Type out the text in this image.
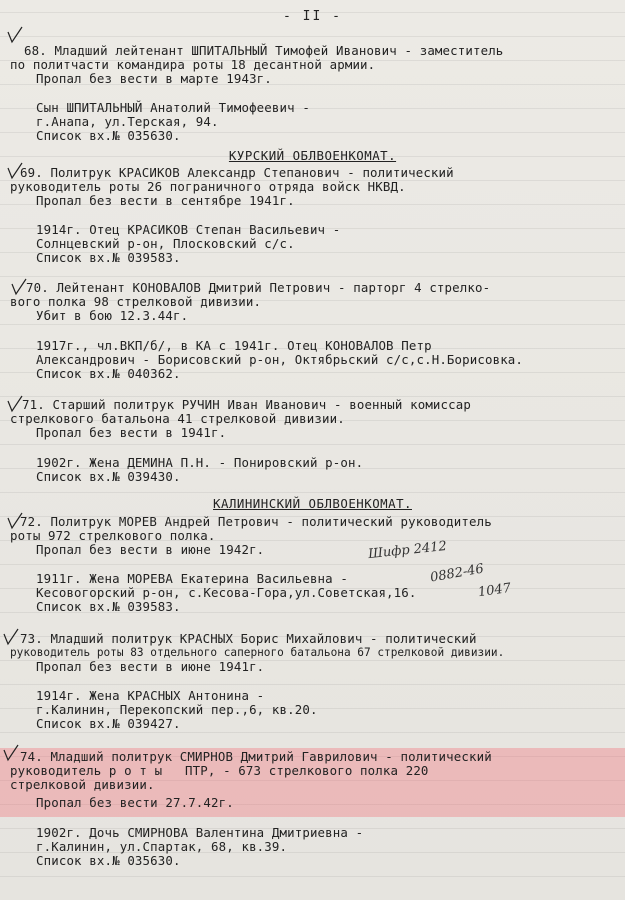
- II -
68. Младший лейтенант ШПИТАЛЬНЫЙ Тимофей Иванович - заместитель
по политчасти командира роты 18 десантной армии.
Пропал без вести в марте 1943г.
Сын ШПИТАЛЬНЫЙ Анатолий Тимофеевич -
г.Анапа, ул.Терская, 94.
Список вх.№ 035630.
КУРСКИЙ ОБЛВОЕНКОМАТ.
69. Политрук КРАСИКОВ Александр Степанович - политический
руководитель роты 26 пограничного отряда войск НКВД.
Пропал без вести в сентябре 1941г.
1914г. Отец КРАСИКОВ Степан Васильевич -
Солнцевский р-он, Плосковский с/с.
Список вх.№ 039583.
70. Лейтенант КОНОВАЛОВ Дмитрий Петрович - парторг 4 стрелко-
вого полка 98 стрелковой дивизии.
Убит в бою 12.3.44г.
1917г., чл.ВКП/б/, в КА с 1941г. Отец КОНОВАЛОВ Петр
Александрович - Борисовский р-он, Октябрьский с/с,с.Н.Борисовка.
Список вх.№ 040362.
71. Старший политрук РУЧИН Иван Иванович - военный комиссар
стрелкового батальона 41 стрелковой дивизии.
Пропал без вести в 1941г.
1902г. Жена ДЕМИНА П.Н. - Понировский р-он.
Список вх.№ 039430.
КАЛИНИНСКИЙ ОБЛВОЕНКОМАТ.
72. Политрук МОРЕВ Андрей Петрович - политический руководитель
роты 972 стрелкового полка.
Пропал без вести в июне 1942г.
1911г. Жена МОРЕВА Екатерина Васильевна -
Кесовогорский р-он, с.Кесова-Гора,ул.Советская,16.
Список вх.№ 039583.
Шифр 2412
0882-46
1047
73. Младший политрук КРАСНЫХ Борис Михайлович - политический
руководитель роты 83 отдельного саперного батальона 67 стрелковой дивизии.
Пропал без вести в июне 1941г.
1914г. Жена КРАСНЫХ Антонина -
г.Калинин, Перекопский пер.,6, кв.20.
Список вх.№ 039427.
74. Младший политрук СМИРНОВ Дмитрий Гаврилович - политический
руководитель р о т ы   ПТР, - 673 стрелкового полка 220
стрелковой дивизии.
Пропал без вести 27.7.42г.
1902г. Дочь СМИРНОВА Валентина Дмитриевна -
г.Калинин, ул.Спартак, 68, кв.39.
Список вх.№ 035630.
